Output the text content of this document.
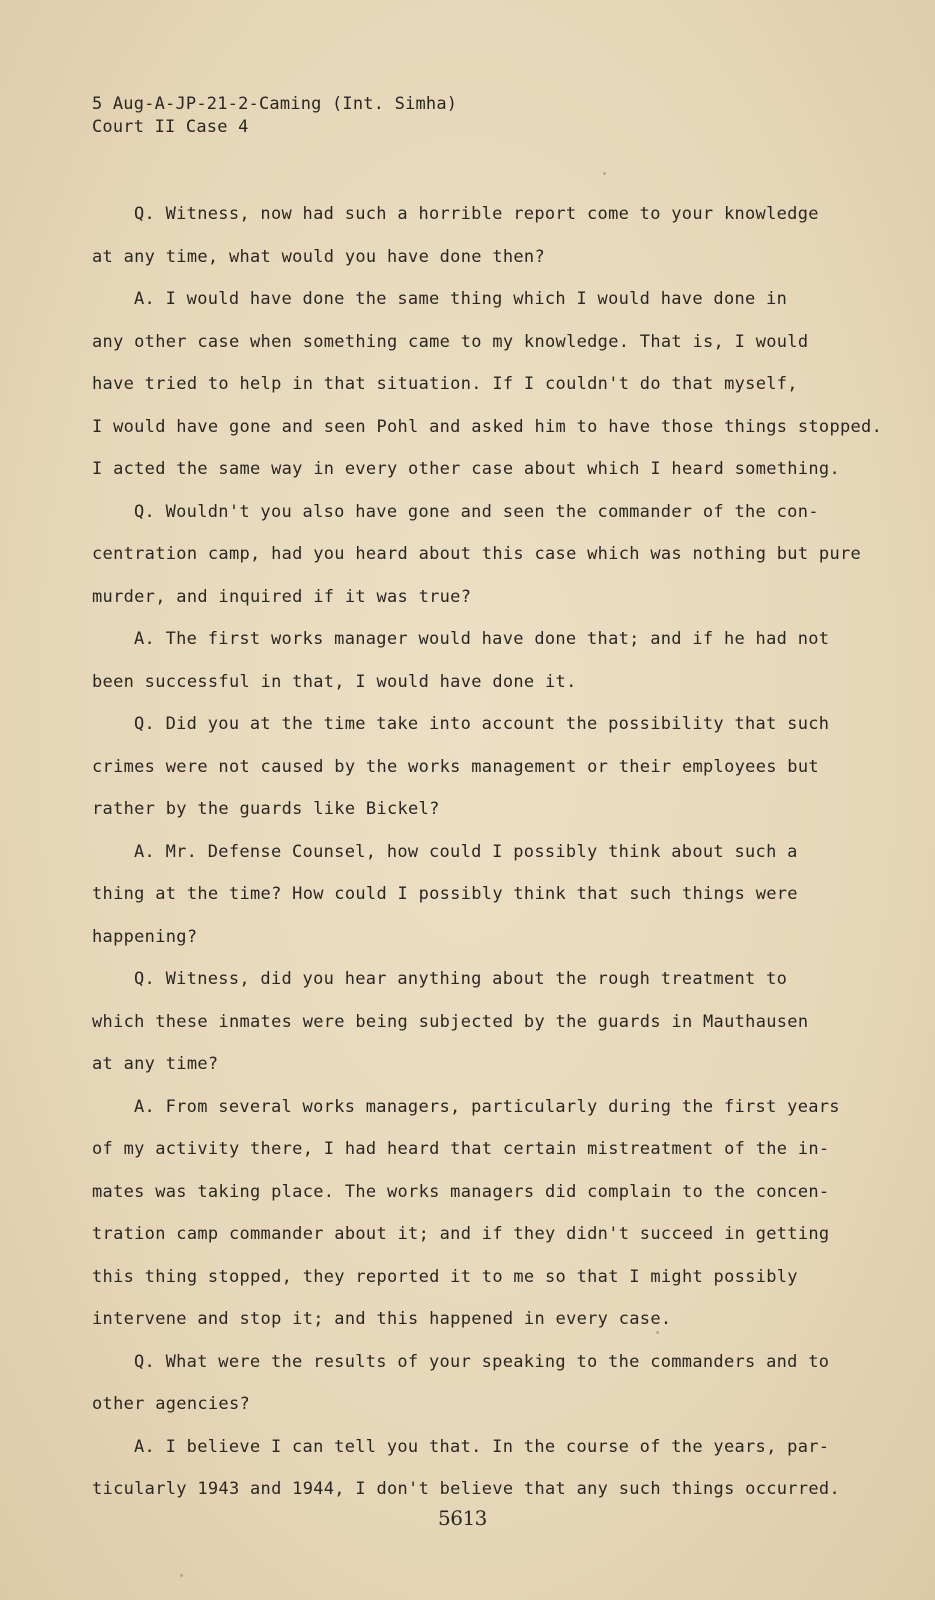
5 Aug-A-JP-21-2-Caming (Int. Simha)
Court II Case 4
Q. Witness, now had such a horrible report come to your knowledge
at any time, what would you have done then?
A. I would have done the same thing which I would have done in
any other case when something came to my knowledge. That is, I would
have tried to help in that situation. If I couldn't do that myself,
I would have gone and seen Pohl and asked him to have those things stopped.
I acted the same way in every other case about which I heard something.
Q. Wouldn't you also have gone and seen the commander of the con-
centration camp, had you heard about this case which was nothing but pure
murder, and inquired if it was true?
A. The first works manager would have done that; and if he had not
been successful in that, I would have done it.
Q. Did you at the time take into account the possibility that such
crimes were not caused by the works management or their employees but
rather by the guards like Bickel?
A. Mr. Defense Counsel, how could I possibly think about such a
thing at the time? How could I possibly think that such things were
happening?
Q. Witness, did you hear anything about the rough treatment to
which these inmates were being subjected by the guards in Mauthausen
at any time?
A. From several works managers, particularly during the first years
of my activity there, I had heard that certain mistreatment of the in-
mates was taking place. The works managers did complain to the concen-
tration camp commander about it; and if they didn't succeed in getting
this thing stopped, they reported it to me so that I might possibly
intervene and stop it; and this happened in every case.
Q. What were the results of your speaking to the commanders and to
other agencies?
A. I believe I can tell you that. In the course of the years, par-
ticularly 1943 and 1944, I don't believe that any such things occurred.
5613
